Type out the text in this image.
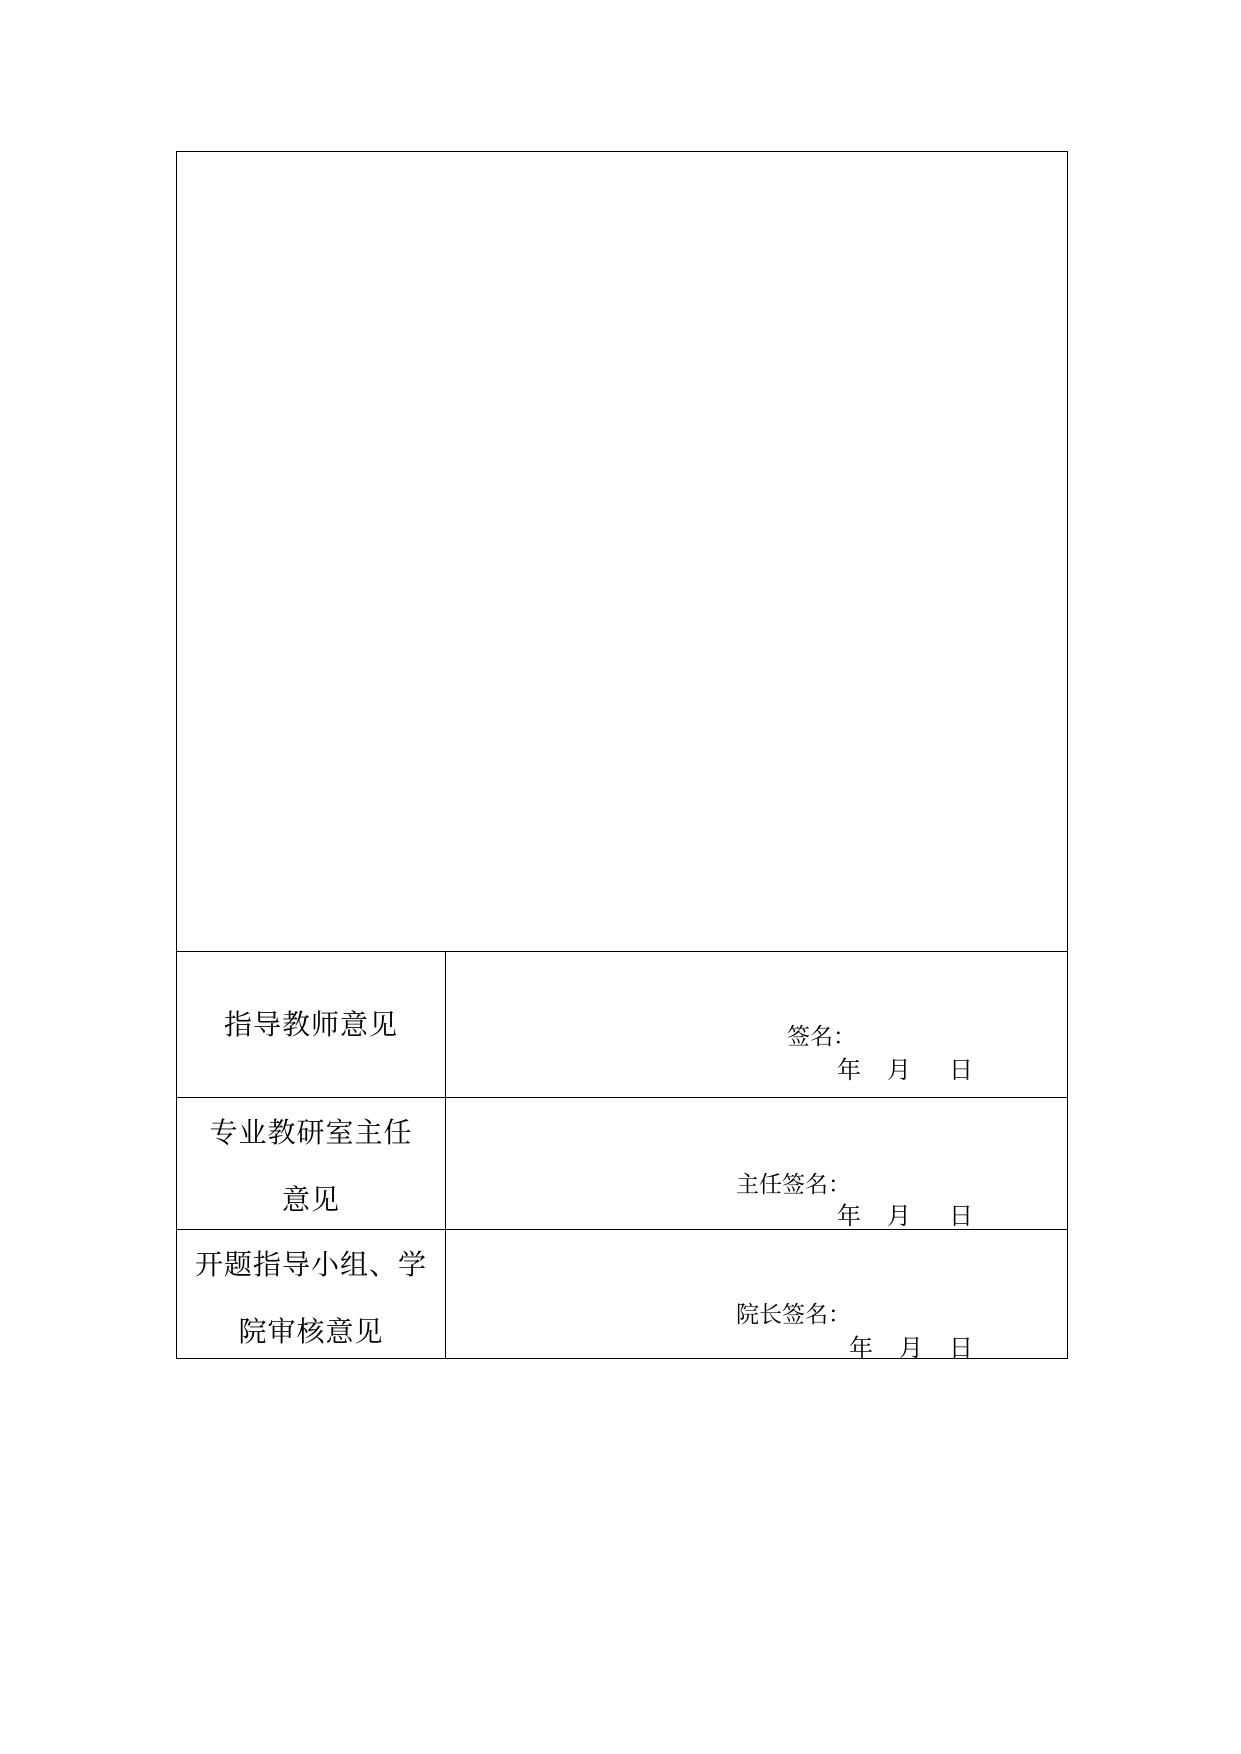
指导教师意见	签名：
年 月 日
专业教研室主任
意见	主任签名：
年 月 日
开题指导小组、学
院审核意见	院长签名：
年 月 日
